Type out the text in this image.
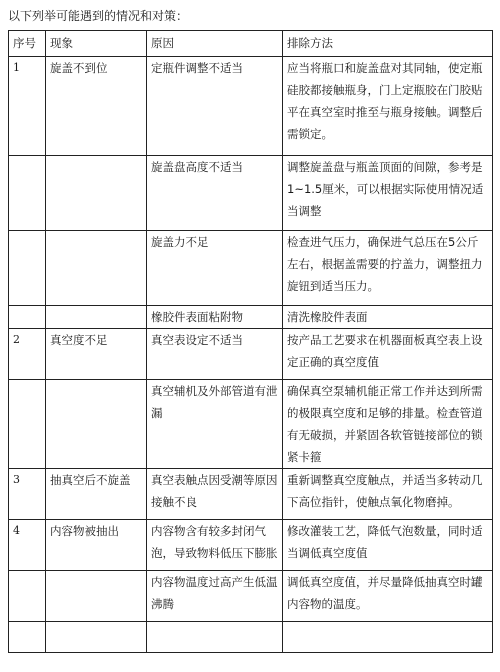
以下列举可能遇到的情况和对策：
序号	现象	原因	排除方法

1	旋盖不到位	定瓶件调整不适当	应当将瓶口和旋盖盘对其同轴，使定瓶硅胶都接触瓶身，门上定瓶胶在门胶贴平在真空室时推至与瓶身接触。调整后需锁定。

		旋盖盘高度不适当	调整旋盖盘与瓶盖顶面的间隙，参考是1~1.5厘米，可以根据实际使用情况适当调整

		旋盖力不足	检查进气压力，确保进气总压在5公斤左右，根据盖需要的拧盖力，调整扭力旋钮到适当压力。

		橡胶件表面粘附物	清洗橡胶件表面

2	真空度不足	真空表设定不适当	按产品工艺要求在机器面板真空表上设定正确的真空度值

		真空辅机及外部管道有泄漏	确保真空泵辅机能正常工作并达到所需的极限真空度和足够的排量。检查管道有无破损，并紧固各软管链接部位的锁紧卡箍

3	抽真空后不旋盖	真空表触点因受潮等原因接触不良	重新调整真空度触点，并适当多转动几下高位指针，使触点氧化物磨掉。

4	内容物被抽出	内容物含有较多封闭气泡，导致物料低压下膨胀	修改灌装工艺，降低气泡数量，同时适当调低真空度值

		内容物温度过高产生低温沸腾	调低真空度值，并尽量降低抽真空时罐内容物的温度。
